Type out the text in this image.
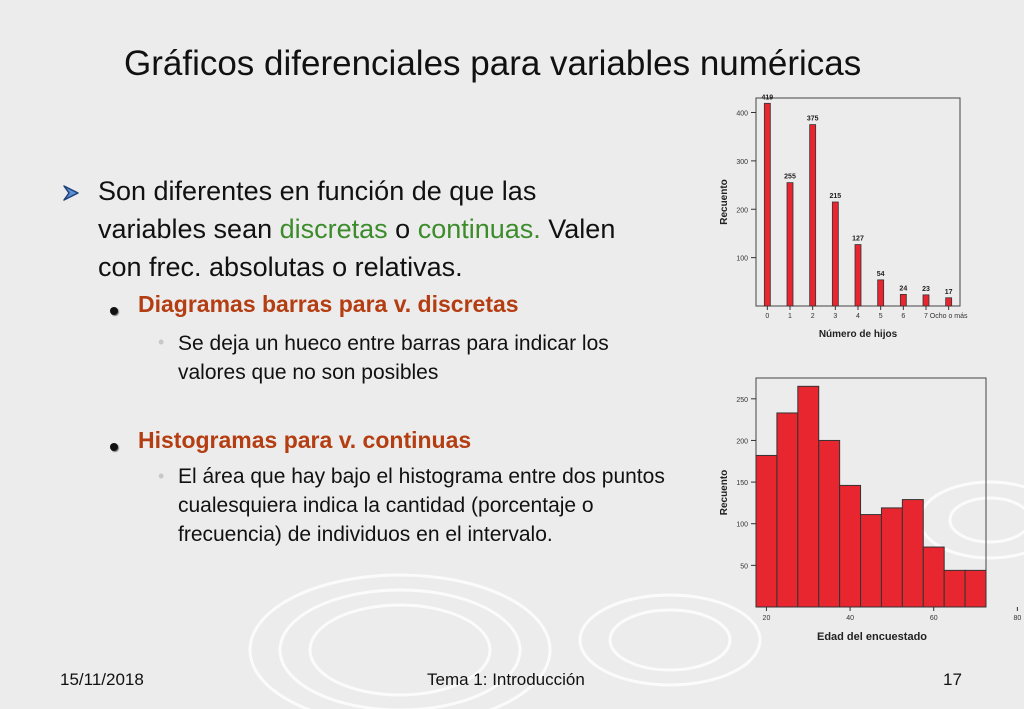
Gráficos diferenciales para variables numéricas
Son diferentes en función de que las variables sean discretas o continuas. Valen con frec. absolutas o relativas.
Diagramas barras para v. discretas
• Se deja un hueco entre barras para indicar los valores que no son posibles
Histogramas para v. continuas
• El área que hay bajo el histograma entre dos puntos cualesquiera indica la cantidad (porcentaje o frecuencia) de individuos en el intervalo.
Número de hijos
100
200
300
400
Recuento
419
0
255
1
375
2
215
3
127
4
54
5
24
6
23
7
17
Ocho o más
Edad del encuestado
50
100
150
200
250
20	40	60	80
Recuento
15/11/2018	Tema 1: Introducción	17
